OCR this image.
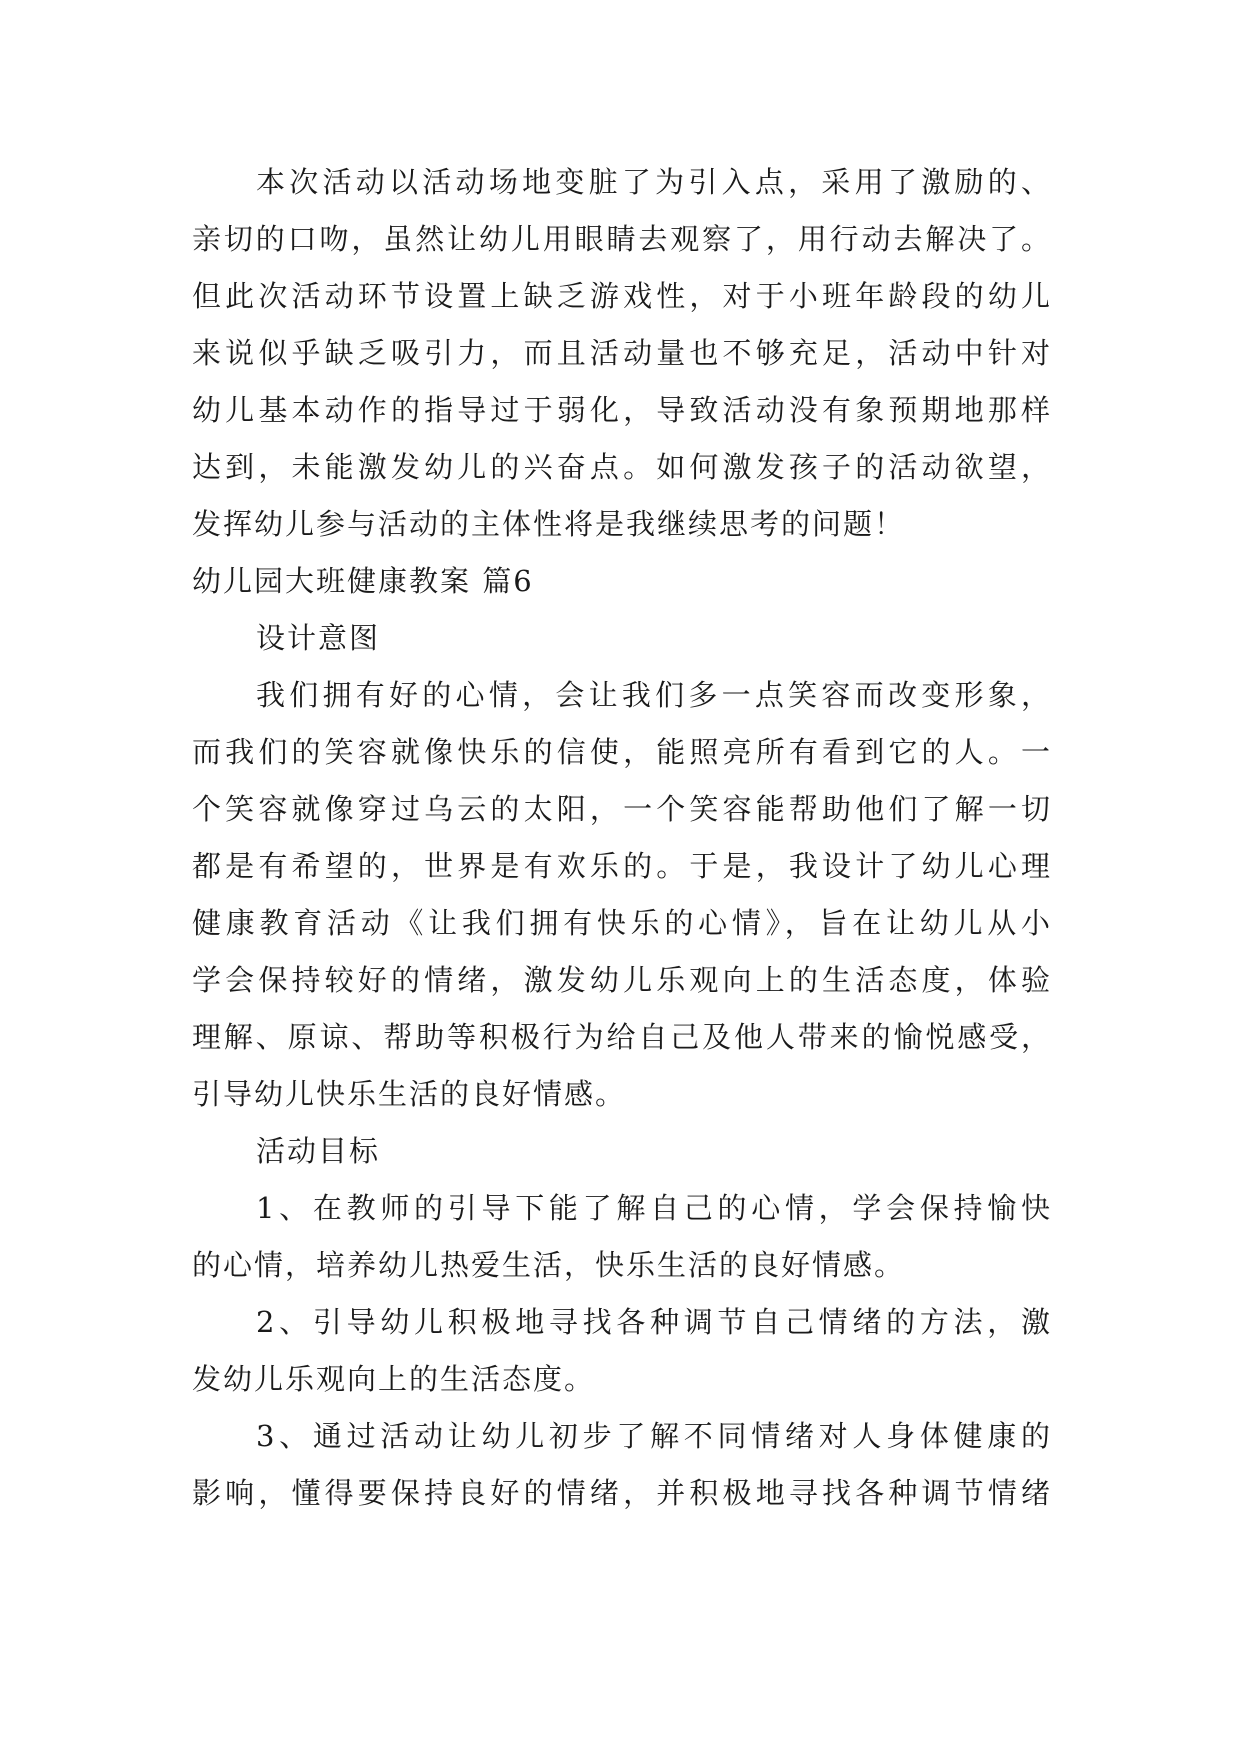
本次活动以活动场地变脏了为引入点，采用了激励的、
亲切的口吻，虽然让幼儿用眼睛去观察了，用行动去解决了。
但此次活动环节设置上缺乏游戏性，对于小班年龄段的幼儿
来说似乎缺乏吸引力，而且活动量也不够充足，活动中针对
幼儿基本动作的指导过于弱化，导致活动没有象预期地那样
达到，未能激发幼儿的兴奋点。如何激发孩子的活动欲望，
发挥幼儿参与活动的主体性将是我继续思考的问题！
幼儿园大班健康教案 篇6
设计意图
我们拥有好的心情，会让我们多一点笑容而改变形象，
而我们的笑容就像快乐的信使，能照亮所有看到它的人。一
个笑容就像穿过乌云的太阳，一个笑容能帮助他们了解一切
都是有希望的，世界是有欢乐的。于是，我设计了幼儿心理
健康教育活动《让我们拥有快乐的心情》，旨在让幼儿从小
学会保持较好的情绪，激发幼儿乐观向上的生活态度，体验
理解、原谅、帮助等积极行为给自己及他人带来的愉悦感受，
引导幼儿快乐生活的良好情感。
活动目标
1、在教师的引导下能了解自己的心情，学会保持愉快
的心情，培养幼儿热爱生活，快乐生活的良好情感。
2、引导幼儿积极地寻找各种调节自己情绪的方法，激
发幼儿乐观向上的生活态度。
3、通过活动让幼儿初步了解不同情绪对人身体健康的
影响，懂得要保持良好的情绪，并积极地寻找各种调节情绪
